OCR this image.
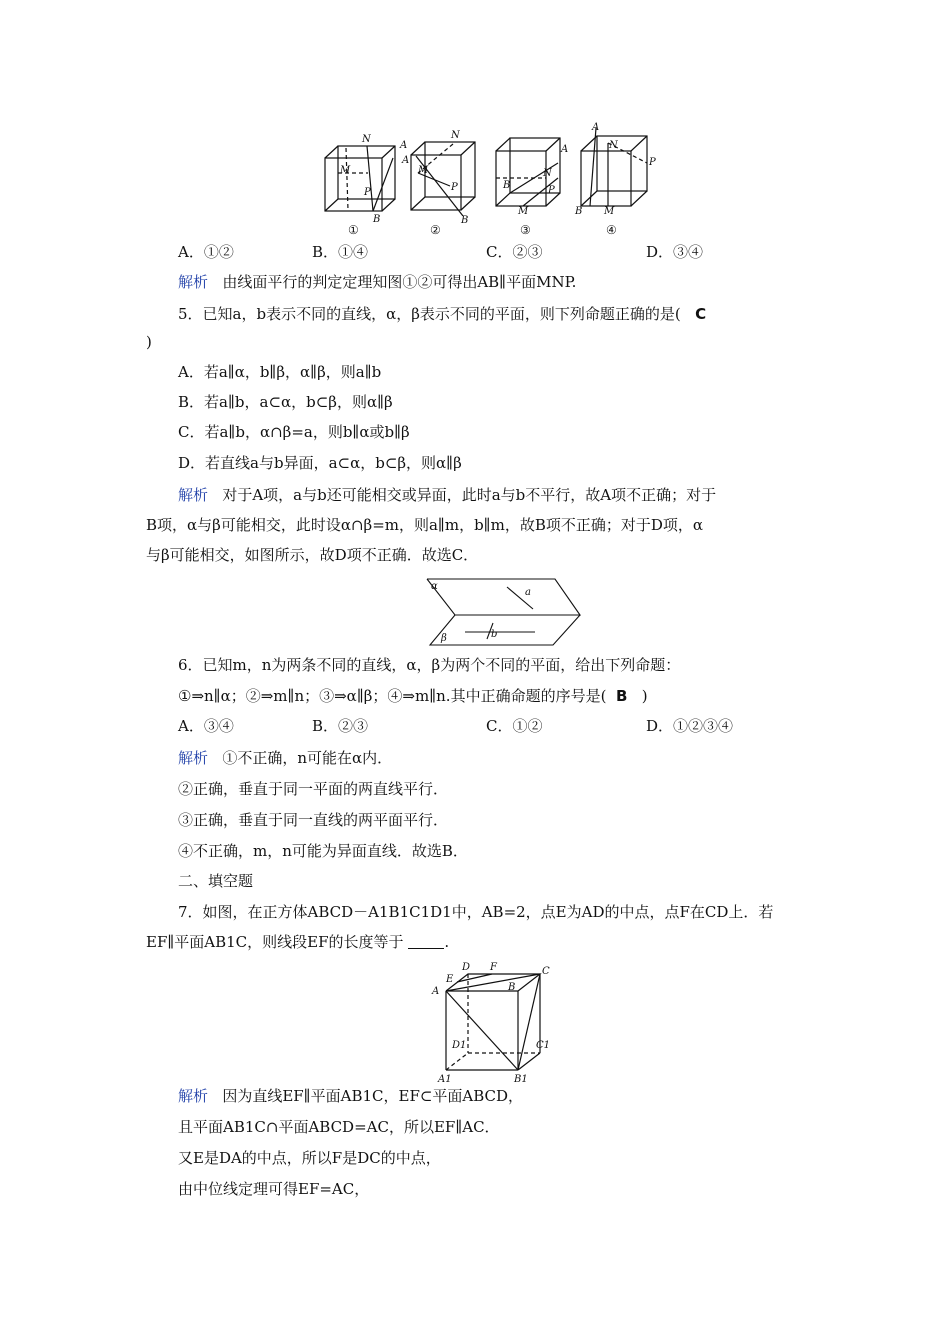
N
A
M
P
B
N
A
M
P
B
A
B
N
P
M
A
N
P
B M
①	②	③	④
A．①②	B．①④	C．②③	D．③④
解析 由线面平行的判定定理知图①②可得出AB∥平面MNP.
5．已知a，b表示不同的直线，α，β表示不同的平面，则下列命题正确的是( C
)
A．若a∥α，b∥β，α∥β，则a∥b
B．若a∥b，a⊂α，b⊂β，则α∥β
C．若a∥b，α∩β=a，则b∥α或b∥β
D．若直线a与b异面，a⊂α，b⊂β，则α∥β
解析 对于A项，a与b还可能相交或异面，此时a与b不平行，故A项不正确；对于
B项，α与β可能相交，此时设α∩β=m，则a∥m，b∥m，故B项不正确；对于D项，α
与β可能相交，如图所示，故D项不正确．故选C．
α
β
a
b
6．已知m，n为两条不同的直线，α，β为两个不同的平面，给出下列命题：
①⇒n∥α；②⇒m∥n；③⇒α∥β；④⇒m∥n.其中正确命题的序号是( B )
A．③④	B．②③	C．①②	D．①②③④
解析 ①不正确，n可能在α内．
②正确，垂直于同一平面的两直线平行．
③正确，垂直于同一直线的两平面平行．
④不正确，m，n可能为异面直线．故选B．
二、填空题
7．如图，在正方体ABCD－A1B1C1D1中，AB=2，点E为AD的中点，点F在CD上．若
EF∥平面AB1C，则线段EF的长度等于	.
A	B
C
D
E
F
A1	B1
C1
D1
解析 因为直线EF∥平面AB1C，EF⊂平面ABCD，
且平面AB1C∩平面ABCD=AC，所以EF∥AC．
又E是DA的中点，所以F是DC的中点，
由中位线定理可得EF=AC，
